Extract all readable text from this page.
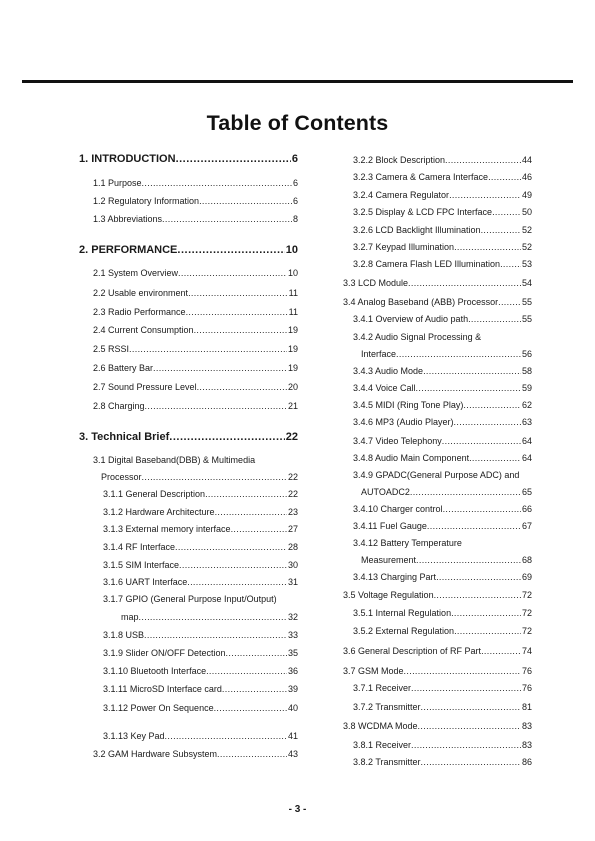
Table of Contents
1. INTRODUCTION .....	6
1.1 Purpose .....	6
1.2 Regulatory Information .....	6
1.3 Abbreviations .....	8
2. PERFORMANCE .....	10
2.1 System Overview .....	10
2.2 Usable environment .....	11
2.3 Radio Performance .....	11
2.4 Current Consumption .....	19
2.5 RSSI .....	19
2.6 Battery Bar .....	19
2.7 Sound Pressure Level .....	20
2.8 Charging .....	21
3. Technical Brief .....	22
3.1 Digital Baseband(DBB) & Multimedia
Processor .....	22
3.1.1 General Description .....	22
3.1.2 Hardware Architecture .....	23
3.1.3 External memory interface .....	27
3.1.4 RF Interface .....	28
3.1.5 SIM Interface .....	30
3.1.6 UART Interface .....	31
3.1.7 GPIO (General Purpose Input/Output)
map .....	32
3.1.8 USB .....	33
3.1.9 Slider ON/OFF Detection .....	35
3.1.10 Bluetooth Interface .....	36
3.1.11 MicroSD Interface card .....	39
3.1.12 Power On Sequence .....	40
3.1.13 Key Pad .....	41
3.2 GAM Hardware Subsystem .....	43
3.2.2 Block Description .....	44
3.2.3 Camera & Camera Interface .....	46
3.2.4 Camera Regulator .....	49
3.2.5 Display & LCD FPC Interface .....	50
3.2.6 LCD Backlight Illumination .....	52
3.2.7 Keypad Illumination .....	52
3.2.8 Camera Flash LED Illumination ..... 53
3.3 LCD Module .....	54
3.4 Analog Baseband (ABB) Processor .....	55
3.4.1 Overview of Audio path .....	55
3.4.2 Audio Signal Processing &
Interface .....	56
3.4.3 Audio Mode .....	58
3.4.4 Voice Call .....	59
3.4.5 MIDI (Ring Tone Play) .....	62
3.4.6 MP3 (Audio Player) .....	63
3.4.7 Video Telephony .....	64
3.4.8 Audio Main Component .....	64
3.4.9 GPADC(General Purpose ADC) and
AUTOADC2 .....	65
3.4.10 Charger control .....	66
3.4.11 Fuel Gauge .....	67
3.4.12 Battery Temperature
Measurement .....	68
3.4.13 Charging Part .....	69
3.5 Voltage Regulation .....	72
3.5.1 Internal Regulation .....	72
3.5.2 External Regulation .....	72
3.6 General Description of RF Part .....	74
3.7 GSM Mode .....	76
3.7.1 Receiver .....	76
3.7.2 Transmitter .....	81
3.8 WCDMA Mode .....	83
3.8.1 Receiver .....	83
3.8.2 Transmitter .....	86
- 3 -
